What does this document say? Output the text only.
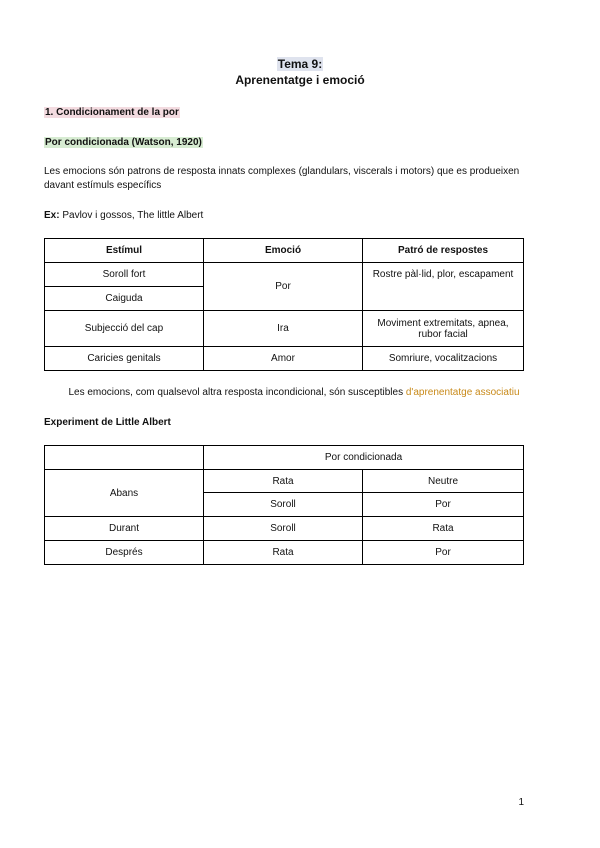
Tema 9:
Aprenentatge i emoció
1. Condicionament de la por
Por condicionada (Watson, 1920)
Les emocions són patrons de resposta innats complexes (glandulars, viscerals i motors) que es produeixen davant estímuls específics
Ex: Pavlov i gossos, The little Albert
Estímul	Emoció	Patró de respostes
Soroll fort	Por	Rostre pàl·lid, plor, escapament
Caiguda		
Subjecció del cap	Ira	Moviment extremitats, apnea, rubor facial
Caricies genitals	Amor	Somriure, vocalitzacions
Les emocions, com qualsevol altra resposta incondicional, són susceptibles d'aprenentatge associatiu
Experiment de Little Albert
	Por condicionada	
Abans	Rata	Neutre
	Soroll	Por
Durant	Soroll	Rata
Després	Rata	Por
1
